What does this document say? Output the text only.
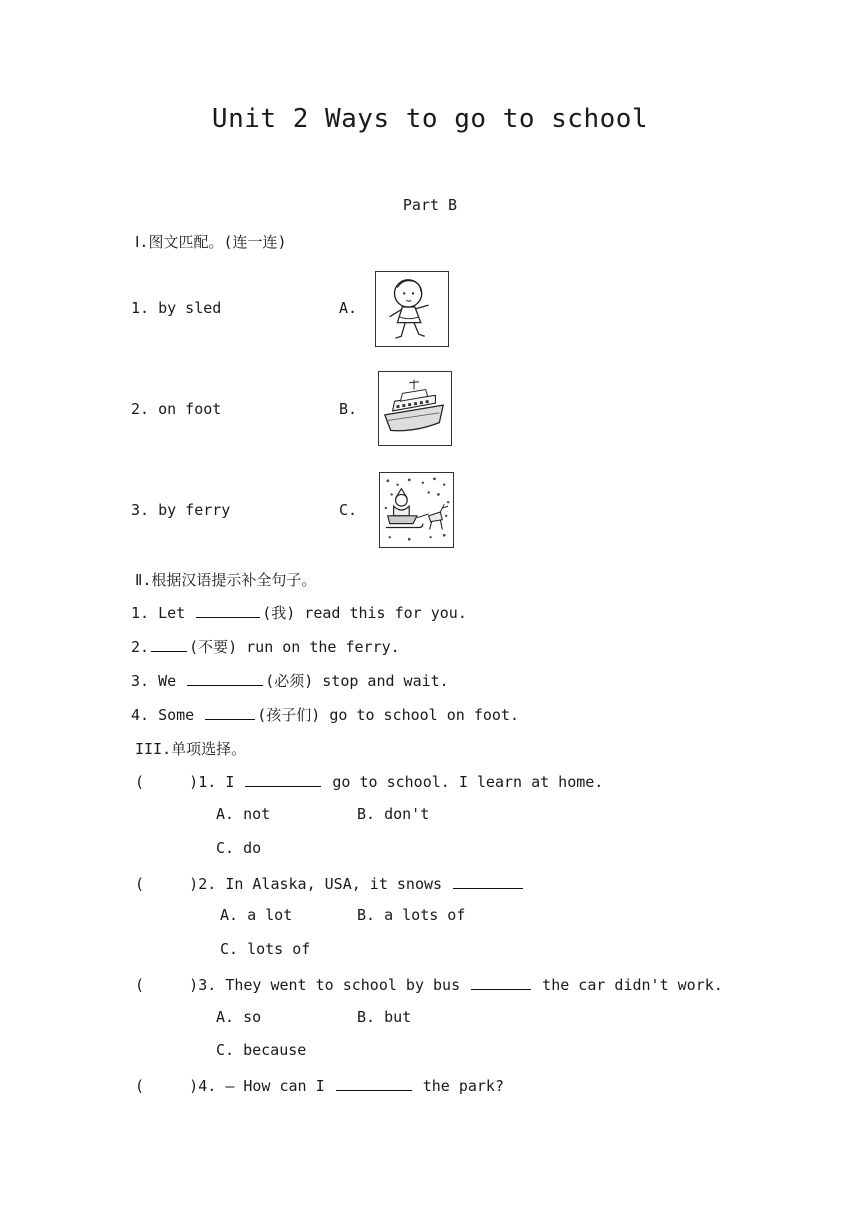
Unit 2 Ways to go to school
Part B
Ⅰ.图文匹配。(连一连)
1. by sled	A.
2. on foot	B.
3. by ferry	C.
Ⅱ.根据汉语提示补全句子。
1. Let	(我) read this for you.
2.	(不要) run on the ferry.
3. We	(必须) stop and wait.
4. Some	(孩子们) go to school on foot.
III.单项选择。
(     )1. I	go to school. I learn at home.
A. not	B. don't
C. do
(     )2. In Alaska, USA, it snows
A. a lot	B. a lots of
C. lots of
(     )3. They went to school by bus	the car didn't work.
A. so	B. but
C. because
(     )4. — How can I	the park?
